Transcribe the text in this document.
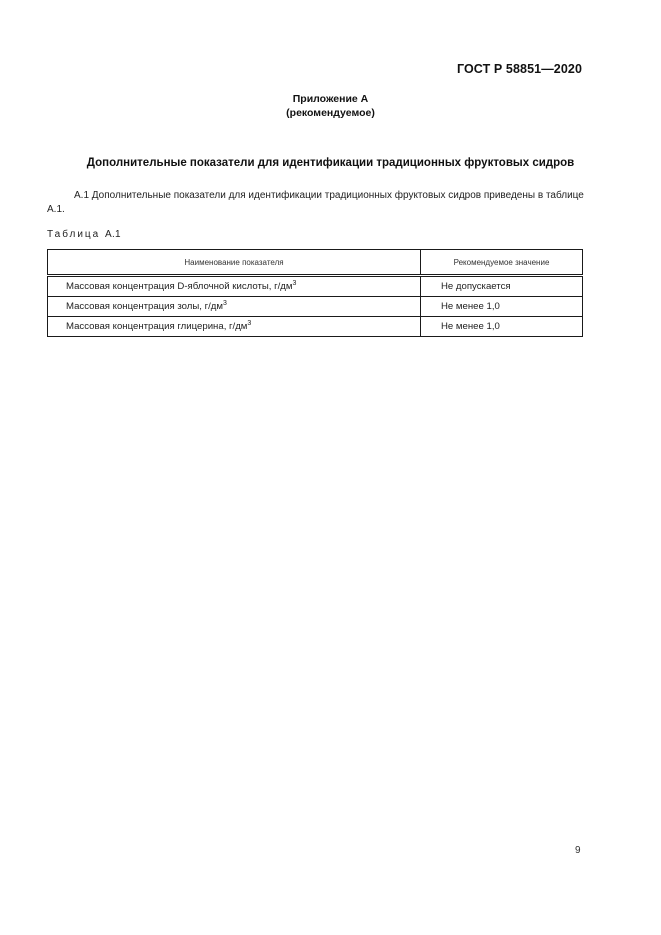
ГОСТ Р 58851—2020
Приложение А
(рекомендуемое)
Дополнительные показатели для идентификации традиционных фруктовых сидров
А.1 Дополнительные показатели для идентификации традиционных фруктовых сидров приведены в таблице А.1.
Таблица А.1
Наименование показателя	Рекомендуемое значение
Массовая концентрация D-яблочной кислоты, $г/дм^3$	Не допускается
Массовая концентрация золы, $г/дм^3$	Не менее 1,0
Массовая концентрация глицерина, $г/дм^3$	Не менее 1,0
9
